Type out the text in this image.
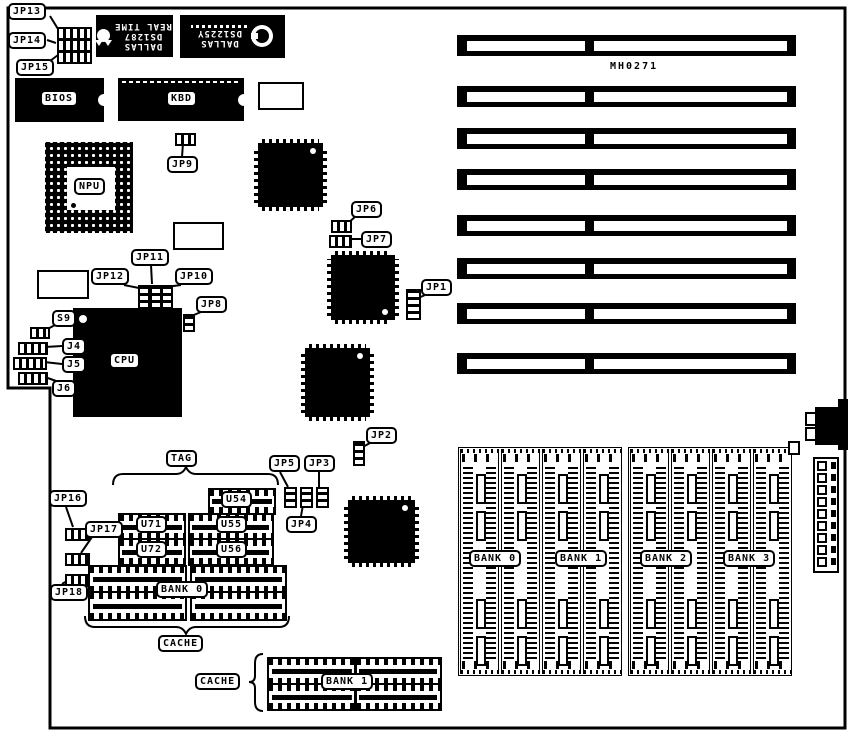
DALLAS
DS1287
REAL TIME
DALLAS
DS1225Y
JP13
JP14
JP15
JP9
JP6
JP7
JP1
JP11
JP12	JP10
JP8
S9
J4
J5
J6
JP2
JP5	JP3
JP4
JP16
JP17
JP18
TAG
U54
U71	U55
U72	U56
BANK 0
CACHE
CACHE	BANK 1
BANK 0	BANK 1	BANK 2	BANK 3
BIOS	KBD
NPU
CPU
MH0271
